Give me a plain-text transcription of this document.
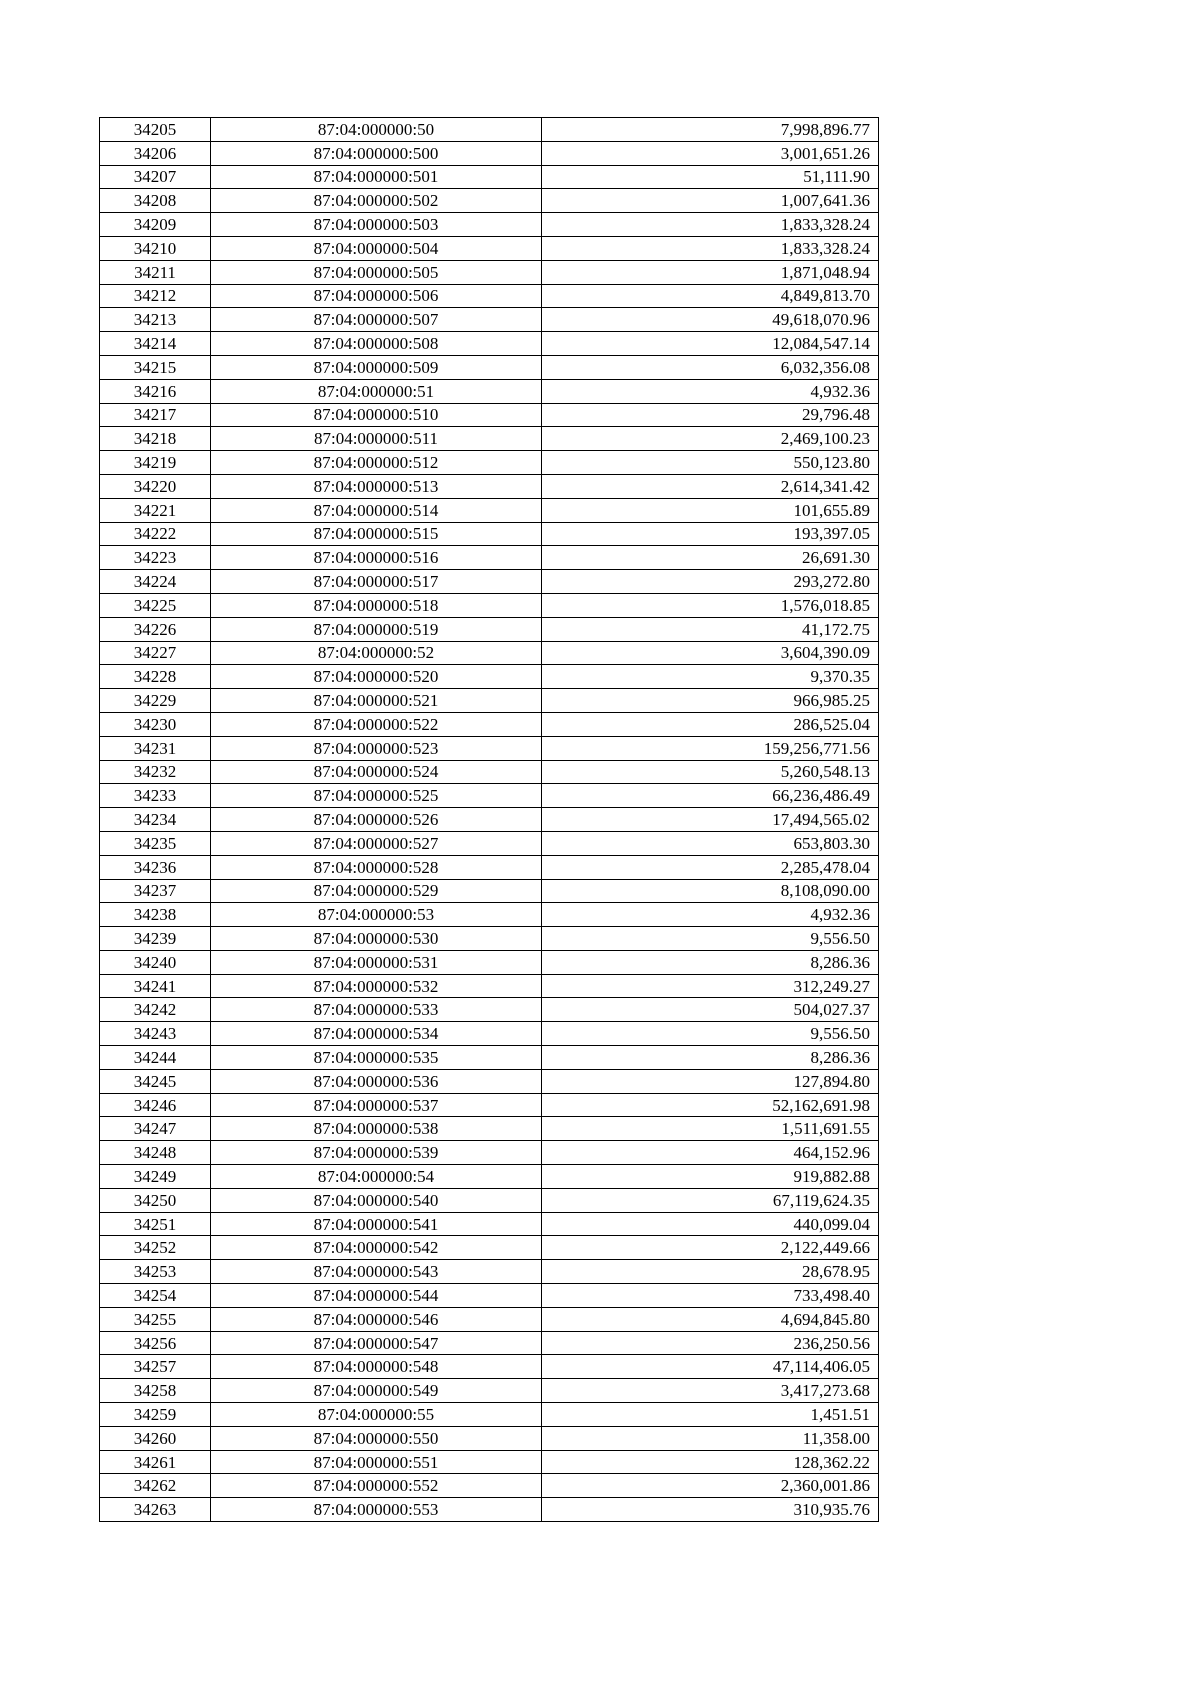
34205	87:04:000000:50	7,998,896.77
34206	87:04:000000:500	3,001,651.26
34207	87:04:000000:501	51,111.90
34208	87:04:000000:502	1,007,641.36
34209	87:04:000000:503	1,833,328.24
34210	87:04:000000:504	1,833,328.24
34211	87:04:000000:505	1,871,048.94
34212	87:04:000000:506	4,849,813.70
34213	87:04:000000:507	49,618,070.96
34214	87:04:000000:508	12,084,547.14
34215	87:04:000000:509	6,032,356.08
34216	87:04:000000:51	4,932.36
34217	87:04:000000:510	29,796.48
34218	87:04:000000:511	2,469,100.23
34219	87:04:000000:512	550,123.80
34220	87:04:000000:513	2,614,341.42
34221	87:04:000000:514	101,655.89
34222	87:04:000000:515	193,397.05
34223	87:04:000000:516	26,691.30
34224	87:04:000000:517	293,272.80
34225	87:04:000000:518	1,576,018.85
34226	87:04:000000:519	41,172.75
34227	87:04:000000:52	3,604,390.09
34228	87:04:000000:520	9,370.35
34229	87:04:000000:521	966,985.25
34230	87:04:000000:522	286,525.04
34231	87:04:000000:523	159,256,771.56
34232	87:04:000000:524	5,260,548.13
34233	87:04:000000:525	66,236,486.49
34234	87:04:000000:526	17,494,565.02
34235	87:04:000000:527	653,803.30
34236	87:04:000000:528	2,285,478.04
34237	87:04:000000:529	8,108,090.00
34238	87:04:000000:53	4,932.36
34239	87:04:000000:530	9,556.50
34240	87:04:000000:531	8,286.36
34241	87:04:000000:532	312,249.27
34242	87:04:000000:533	504,027.37
34243	87:04:000000:534	9,556.50
34244	87:04:000000:535	8,286.36
34245	87:04:000000:536	127,894.80
34246	87:04:000000:537	52,162,691.98
34247	87:04:000000:538	1,511,691.55
34248	87:04:000000:539	464,152.96
34249	87:04:000000:54	919,882.88
34250	87:04:000000:540	67,119,624.35
34251	87:04:000000:541	440,099.04
34252	87:04:000000:542	2,122,449.66
34253	87:04:000000:543	28,678.95
34254	87:04:000000:544	733,498.40
34255	87:04:000000:546	4,694,845.80
34256	87:04:000000:547	236,250.56
34257	87:04:000000:548	47,114,406.05
34258	87:04:000000:549	3,417,273.68
34259	87:04:000000:55	1,451.51
34260	87:04:000000:550	11,358.00
34261	87:04:000000:551	128,362.22
34262	87:04:000000:552	2,360,001.86
34263	87:04:000000:553	310,935.76
